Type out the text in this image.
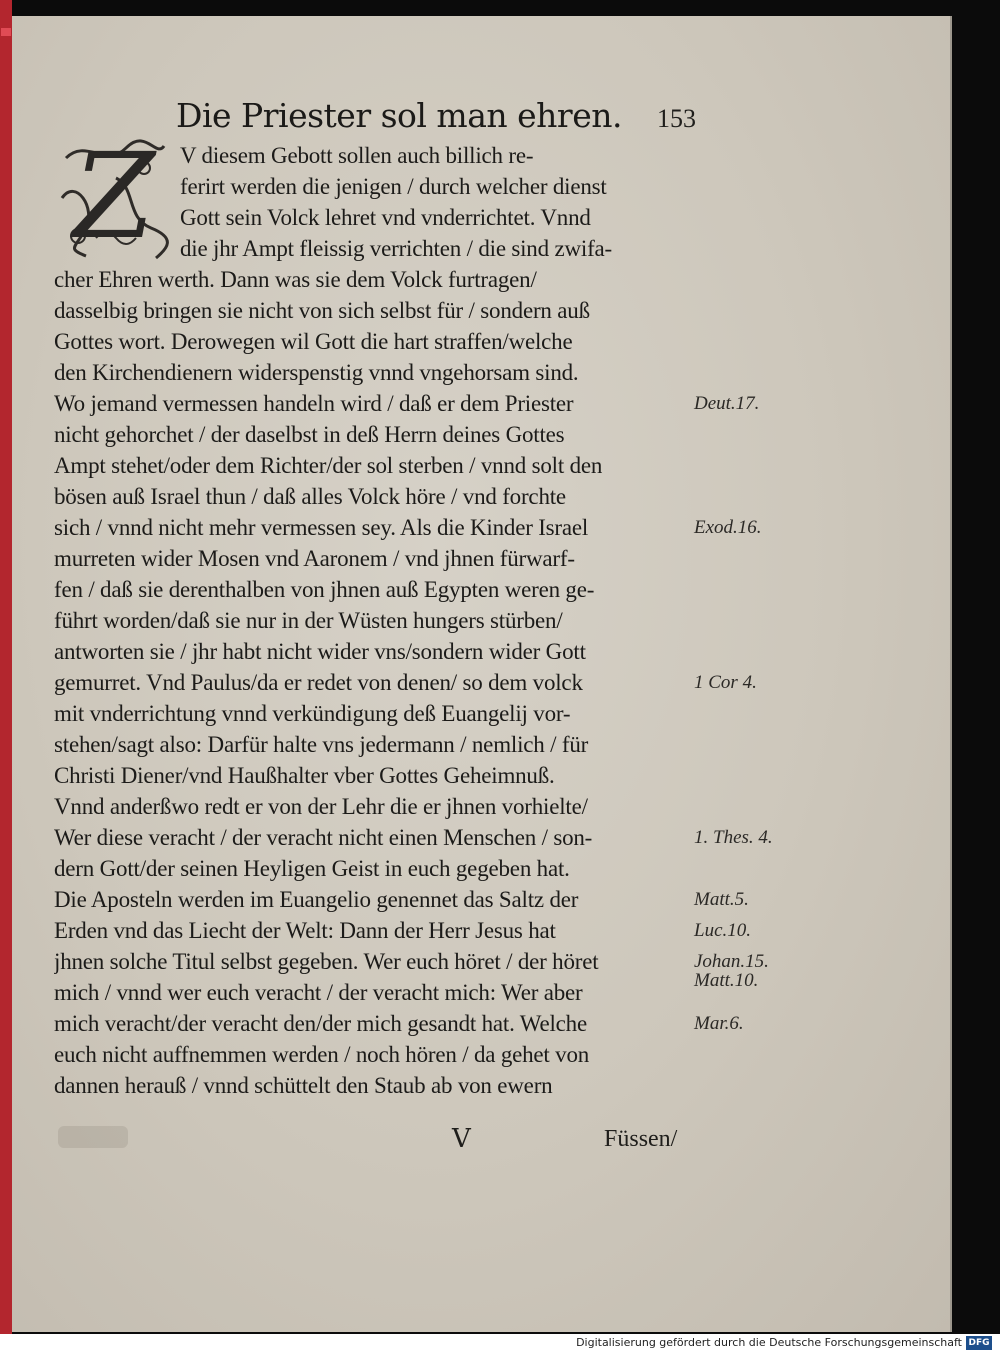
Die Priester sol man ehren. 153
Z	V diesem Gebott sollen auch billich re-
ferirt werden die jenigen / durch welcher dienst
Gott sein Volck lehret vnd vnderrichtet. Vnnd
die jhr Ampt fleissig verrichten / die sind zwifa-
cher Ehren werth. Dann was sie dem Volck furtragen/
dasselbig bringen sie nicht von sich selbst für / sondern auß
Gottes wort. Derowegen wil Gott die hart straffen/welche
den Kirchendienern widerspenstig vnnd vngehorsam sind.
Wo jemand vermessen handeln wird / daß er dem Priester
nicht gehorchet / der daselbst in deß Herrn deines Gottes
Ampt stehet/oder dem Richter/der sol sterben / vnnd solt den
bösen auß Israel thun / daß alles Volck höre / vnd forchte
sich / vnnd nicht mehr vermessen sey. Als die Kinder Israel
murreten wider Mosen vnd Aaronem / vnd jhnen fürwarf-
fen / daß sie derenthalben von jhnen auß Egypten weren ge-
führt worden/daß sie nur in der Wüsten hungers stürben/
antworten sie / jhr habt nicht wider vns/sondern wider Gott
gemurret. Vnd Paulus/da er redet von denen/ so dem volck
mit vnderrichtung vnnd verkündigung deß Euangelij vor-
stehen/sagt also: Darfür halte vns jedermann / nemlich / für
Christi Diener/vnd Haußhalter vber Gottes Geheimnuß.
Vnnd anderßwo redt er von der Lehr die er jhnen vorhielte/
Wer diese veracht / der veracht nicht einen Menschen / son-
dern Gott/der seinen Heyligen Geist in euch gegeben hat.
Die Aposteln werden im Euangelio genennet das Saltz der
Erden vnd das Liecht der Welt: Dann der Herr Jesus hat
jhnen solche Titul selbst gegeben. Wer euch höret / der höret
mich / vnnd wer euch veracht / der veracht mich: Wer aber
mich veracht/der veracht den/der mich gesandt hat. Welche
euch nicht auffnemmen werden / noch hören / da gehet von
dannen herauß / vnnd schüttelt den Staub ab von ewern
Deut.17.
Exod.16.
1 Cor 4.
1. Thes. 4.
Matt.5.
Luc.10.
Johan.15.
Matt.10.
Mar.6.
V	Füssen/
Digitalisierung gefördert durch die Deutsche Forschungsgemeinschaft DFG
